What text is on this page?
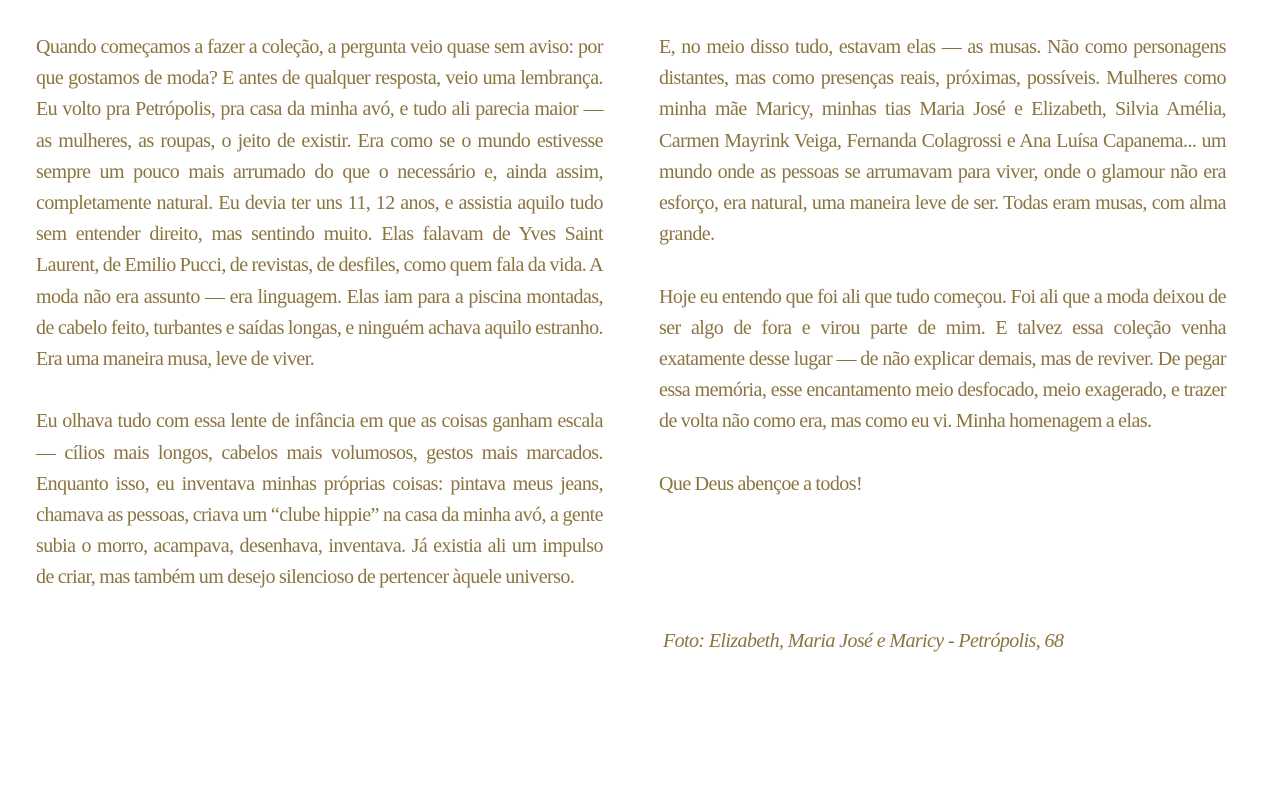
Quando começamos a fazer a coleção, a pergunta veio quase sem aviso: por que gostamos de moda? E antes de qualquer resposta, veio uma lembrança. Eu volto pra Petrópolis, pra casa da minha avó, e tudo ali parecia maior — as mulheres, as roupas, o jeito de existir. Era como se o mundo estivesse sempre um pouco mais arrumado do que o necessário e, ainda assim, completamente natural. Eu devia ter uns 11, 12 anos, e assistia aquilo tudo sem entender direito, mas sentindo muito. Elas falavam de Yves Saint Laurent, de Emilio Pucci, de revistas, de desfiles, como quem fala da vida. A moda não era assunto — era linguagem. Elas iam para a piscina montadas, de cabelo feito, turbantes e saídas longas, e ninguém achava aquilo estranho. Era uma maneira musa, leve de viver.

Eu olhava tudo com essa lente de infância em que as coisas ganham escala — cílios mais longos, cabelos mais volumosos, gestos mais marcados. Enquanto isso, eu inventava minhas próprias coisas: pintava meus jeans, chamava as pessoas, criava um “clube hippie” na casa da minha avó, a gente subia o morro, acampava, desenhava, inventava. Já existia ali um impulso de criar, mas também um desejo silencioso de pertencer àquele universo.

E, no meio disso tudo, estavam elas — as musas. Não como personagens distantes, mas como presenças reais, próximas, possíveis. Mulheres como minha mãe Maricy, minhas tias Maria José e Elizabeth, Silvia Amélia, Carmen Mayrink Veiga, Fernanda Colagrossi e Ana Luísa Capanema... um mundo onde as pessoas se arrumavam para viver, onde o glamour não era esforço, era natural, uma maneira leve de ser. Todas eram musas, com alma grande.

Hoje eu entendo que foi ali que tudo começou. Foi ali que a moda deixou de ser algo de fora e virou parte de mim. E talvez essa coleção venha exatamente desse lugar — de não explicar demais, mas de reviver. De pegar essa memória, esse encantamento meio desfocado, meio exagerado, e trazer de volta não como era, mas como eu vi. Minha homenagem a elas.

Que Deus abençoe a todos!

Foto: Elizabeth, Maria José e Maricy - Petrópolis, 68
